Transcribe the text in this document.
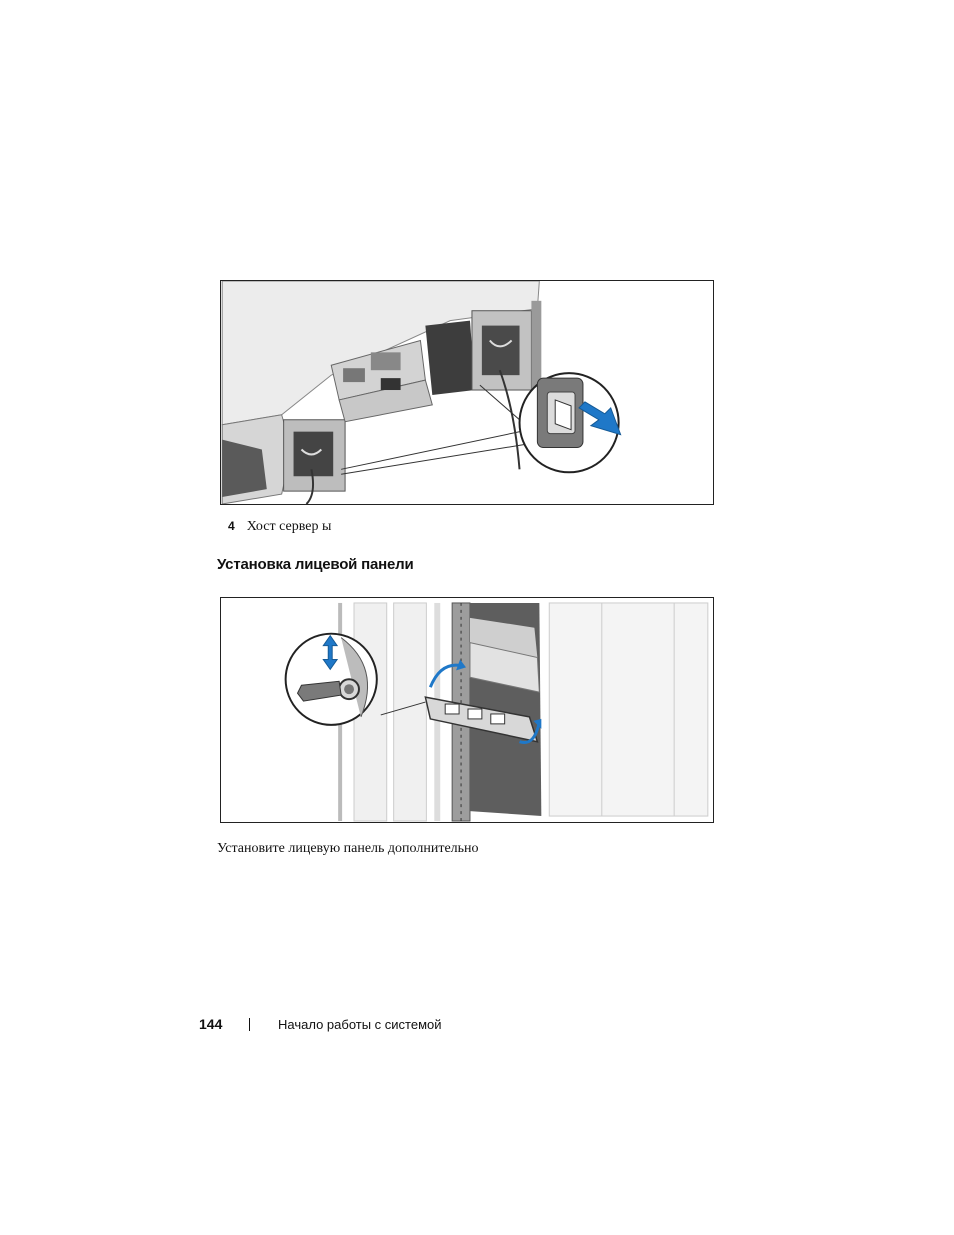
4 Хост сервер ы
Установка лицевой панели

Установите лицевую панель дополнительно

144	Начало работы с системой
